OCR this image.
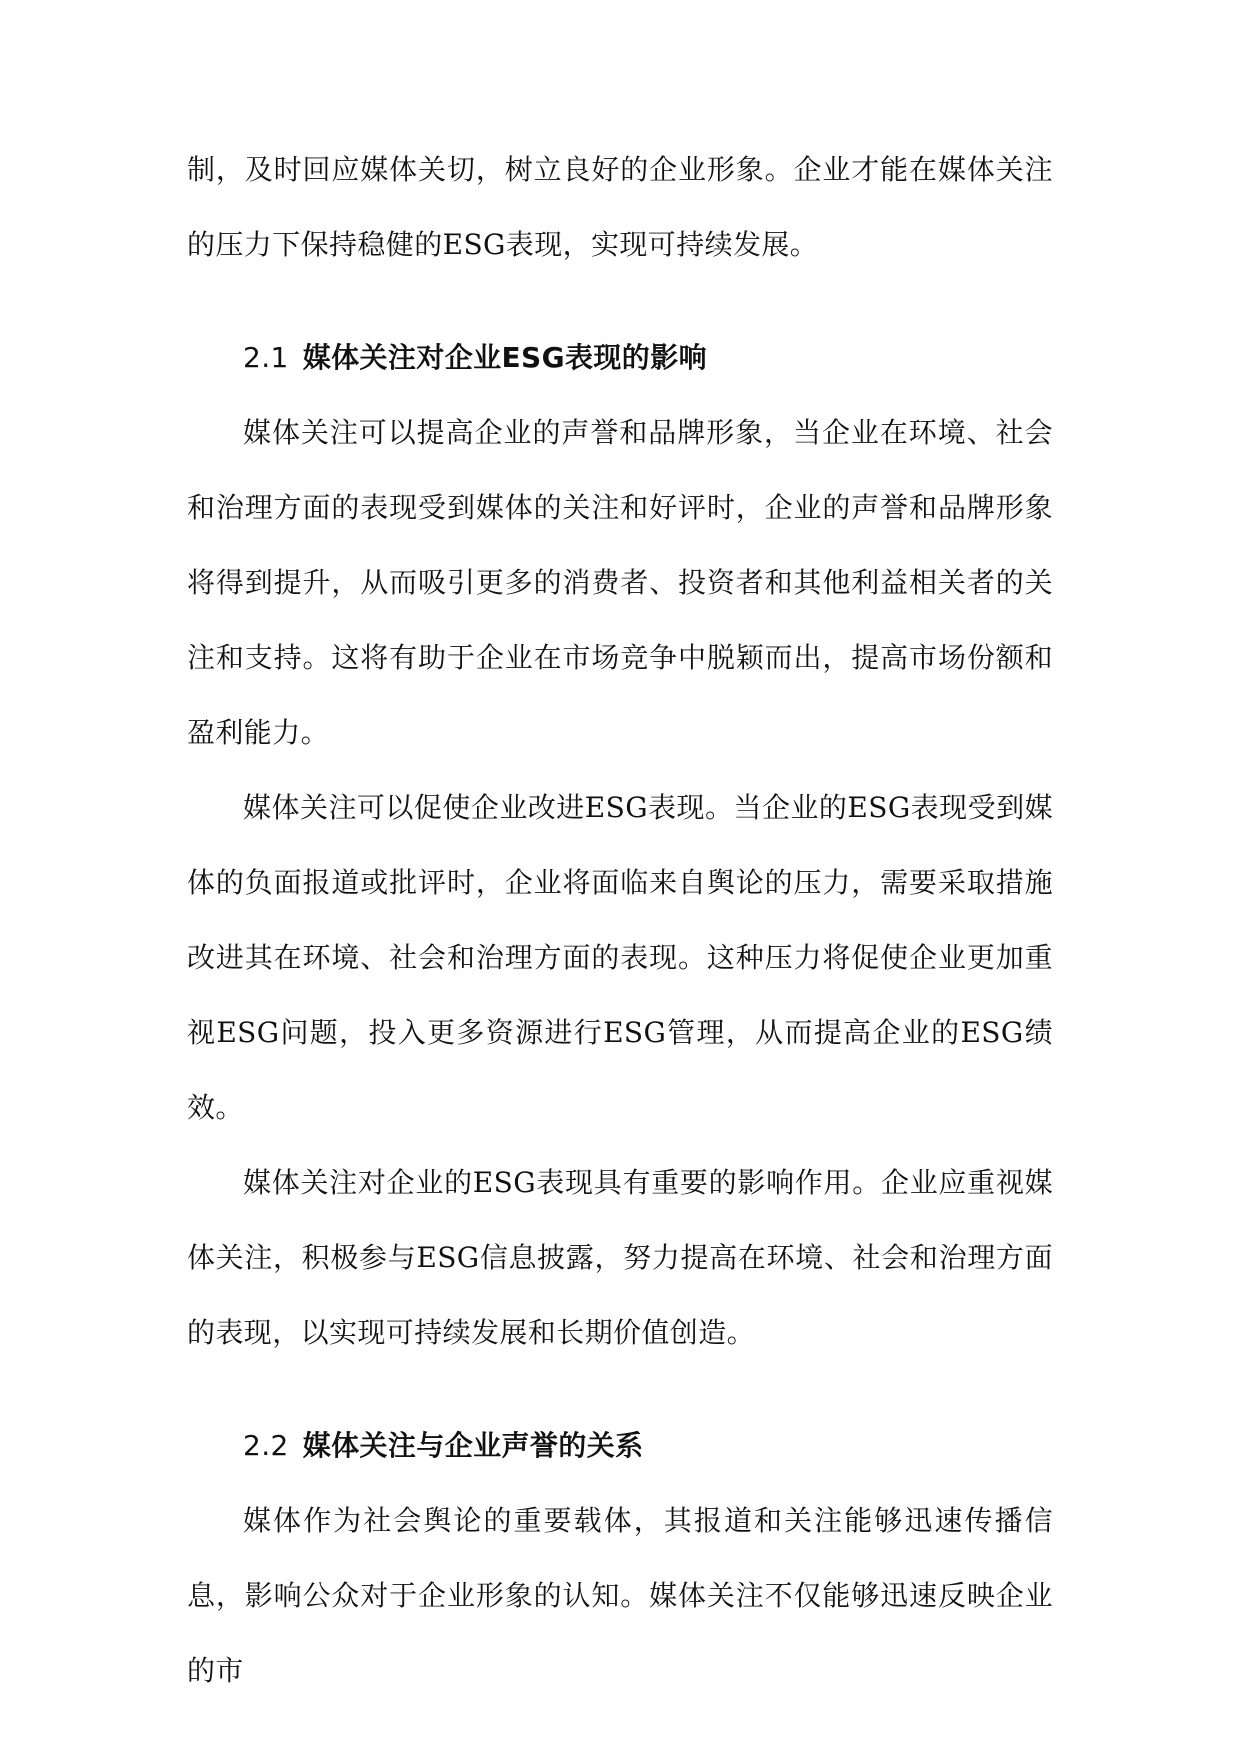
制，及时回应媒体关切，树立良好的企业形象。企业才能在媒体关注的压力下保持稳健的ESG表现，实现可持续发展。

2.1 媒体关注对企业ESG表现的影响

媒体关注可以提高企业的声誉和品牌形象，当企业在环境、社会和治理方面的表现受到媒体的关注和好评时，企业的声誉和品牌形象将得到提升，从而吸引更多的消费者、投资者和其他利益相关者的关注和支持。这将有助于企业在市场竞争中脱颖而出，提高市场份额和盈利能力。

媒体关注可以促使企业改进ESG表现。当企业的ESG表现受到媒体的负面报道或批评时，企业将面临来自舆论的压力，需要采取措施改进其在环境、社会和治理方面的表现。这种压力将促使企业更加重视ESG问题，投入更多资源进行ESG管理，从而提高企业的ESG绩效。

媒体关注对企业的ESG表现具有重要的影响作用。企业应重视媒体关注，积极参与ESG信息披露，努力提高在环境、社会和治理方面的表现，以实现可持续发展和长期价值创造。

2.2 媒体关注与企业声誉的关系

媒体作为社会舆论的重要载体，其报道和关注能够迅速传播信息，影响公众对于企业形象的认知。媒体关注不仅能够迅速反映企业的市
